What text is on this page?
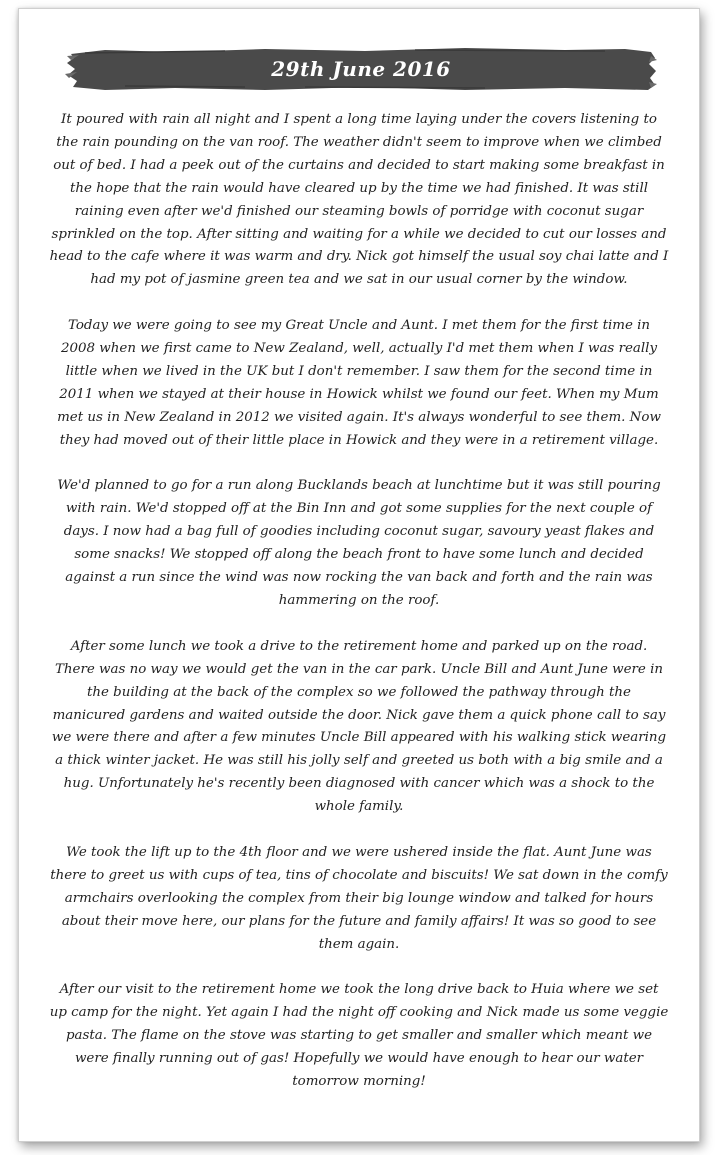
29th June 2016

It poured with rain all night and I spent a long time laying under the covers listening to the rain pounding on the van roof. The weather didn't seem to improve when we climbed out of bed. I had a peek out of the curtains and decided to start making some breakfast in the hope that the rain would have cleared up by the time we had finished. It was still raining even after we'd finished our steaming bowls of porridge with coconut sugar sprinkled on the top. After sitting and waiting for a while we decided to cut our losses and head to the cafe where it was warm and dry. Nick got himself the usual soy chai latte and I had my pot of jasmine green tea and we sat in our usual corner by the window.

Today we were going to see my Great Uncle and Aunt. I met them for the first time in 2008 when we first came to New Zealand, well, actually I'd met them when I was really little when we lived in the UK but I don't remember. I saw them for the second time in 2011 when we stayed at their house in Howick whilst we found our feet. When my Mum met us in New Zealand in 2012 we visited again. It's always wonderful to see them. Now they had moved out of their little place in Howick and they were in a retirement village.

We'd planned to go for a run along Bucklands beach at lunchtime but it was still pouring with rain. We'd stopped off at the Bin Inn and got some supplies for the next couple of days. I now had a bag full of goodies including coconut sugar, savoury yeast flakes and some snacks! We stopped off along the beach front to have some lunch and decided against a run since the wind was now rocking the van back and forth and the rain was hammering on the roof.

After some lunch we took a drive to the retirement home and parked up on the road. There was no way we would get the van in the car park. Uncle Bill and Aunt June were in the building at the back of the complex so we followed the pathway through the manicured gardens and waited outside the door. Nick gave them a quick phone call to say we were there and after a few minutes Uncle Bill appeared with his walking stick wearing a thick winter jacket. He was still his jolly self and greeted us both with a big smile and a hug. Unfortunately he's recently been diagnosed with cancer which was a shock to the whole family.

We took the lift up to the 4th floor and we were ushered inside the flat. Aunt June was there to greet us with cups of tea, tins of chocolate and biscuits! We sat down in the comfy armchairs overlooking the complex from their big lounge window and talked for hours about their move here, our plans for the future and family affairs! It was so good to see them again.

After our visit to the retirement home we took the long drive back to Huia where we set up camp for the night. Yet again I had the night off cooking and Nick made us some veggie pasta. The flame on the stove was starting to get smaller and smaller which meant we were finally running out of gas! Hopefully we would have enough to hear our water tomorrow morning!
